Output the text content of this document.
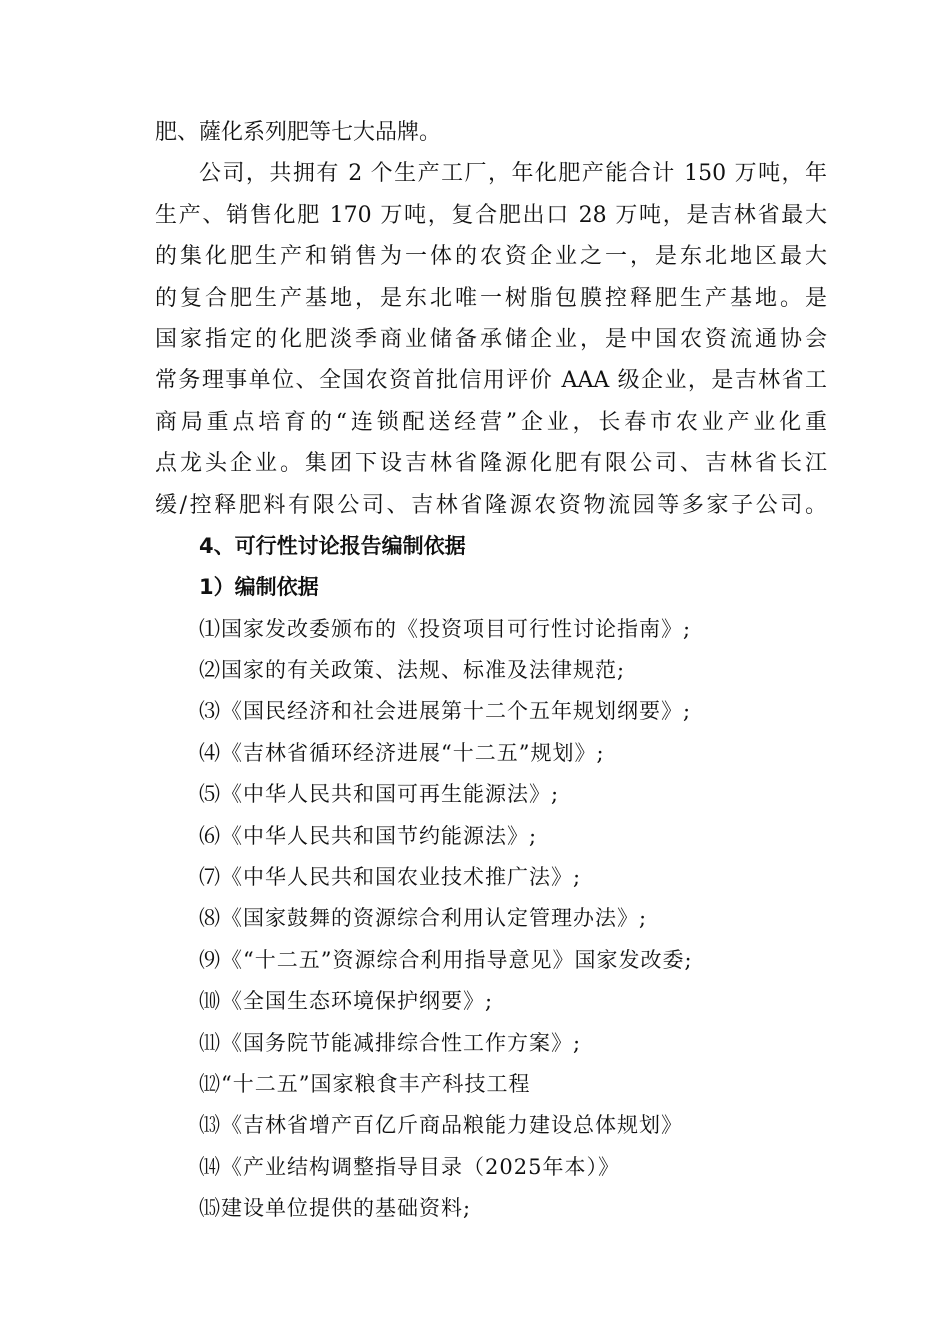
肥、薩化系列肥等七大品牌。
公司，共拥有 2 个生产工厂，年化肥产能合计 150 万吨，年
生产、销售化肥 170 万吨，复合肥出口 28 万吨，是吉林省最大
的集化肥生产和销售为一体的农资企业之一，是东北地区最大
的复合肥生产基地，是东北唯一树脂包膜控释肥生产基地。是
国家指定的化肥淡季商业储备承储企业，是中国农资流通协会
常务理事单位、全国农资首批信用评价 AAA 级企业，是吉林省工
商局重点培育的“连锁配送经营”企业，长春市农业产业化重
点龙头企业。集团下设吉林省隆源化肥有限公司、吉林省长江
缓/控释肥料有限公司、吉林省隆源农资物流园等多家子公司。
4、可行性讨论报告编制依据
1）编制依据
⑴国家发改委颁布的《投资项目可行性讨论指南》;
⑵国家的有关政策、法规、标准及法律规范;
⑶《国民经济和社会进展第十二个五年规划纲要》;
⑷《吉林省循环经济进展“十二五”规划》;
⑸《中华人民共和国可再生能源法》;
⑹《中华人民共和国节约能源法》;
⑺《中华人民共和国农业技术推广法》;
⑻《国家鼓舞的资源综合利用认定管理办法》;
⑼《“十二五”资源综合利用指导意见》国家发改委;
⑽《全国生态环境保护纲要》;
⑾《国务院节能减排综合性工作方案》;
⑿“十二五”国家粮食丰产科技工程
⒀《吉林省增产百亿斤商品粮能力建设总体规划》
⒁《产业结构调整指导目录（2025年本）》
⒂建设单位提供的基础资料;
